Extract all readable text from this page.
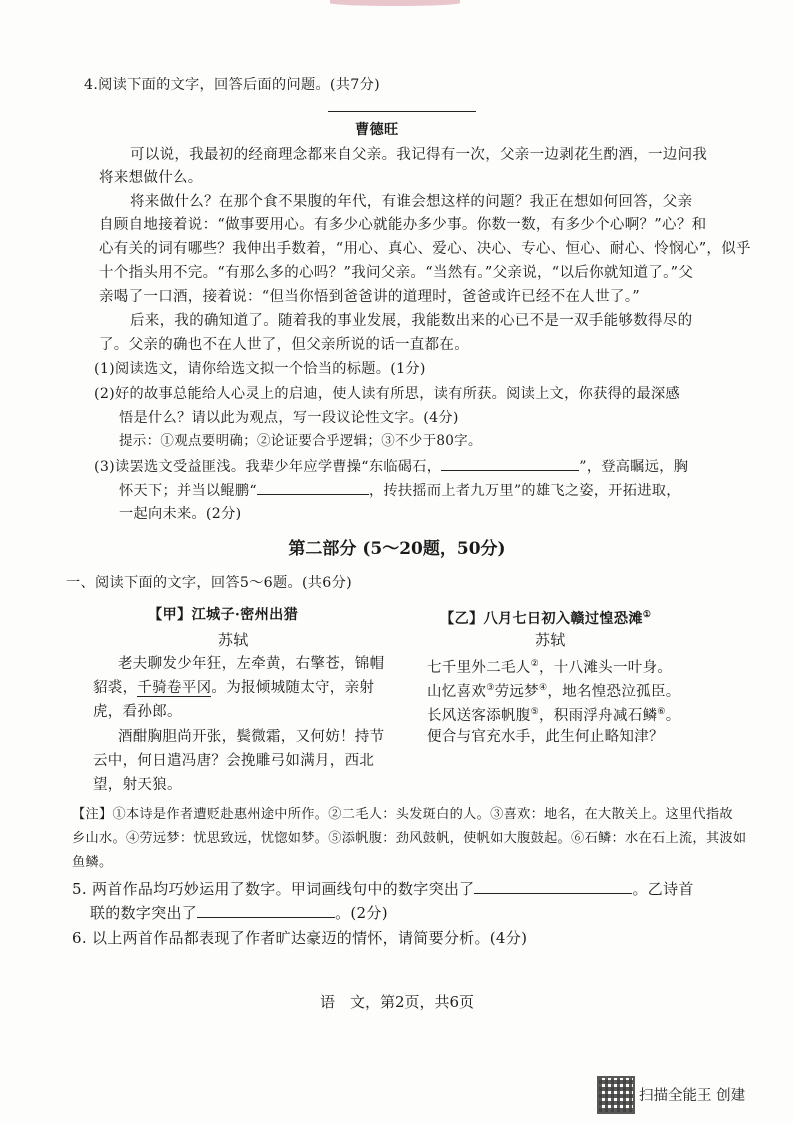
4.阅读下面的文字，回答后面的问题。(共7分)
曹德旺
可以说，我最初的经商理念都来自父亲。我记得有一次，父亲一边剥花生酌酒，一边问我
将来想做什么。
将来做什么？在那个食不果腹的年代，有谁会想这样的问题？我正在想如何回答，父亲
自顾自地接着说：“做事要用心。有多少心就能办多少事。你数一数，有多少个心啊？”心？和
心有关的词有哪些？我伸出手数着，“用心、真心、爱心、决心、专心、恒心、耐心、怜悯心”，似乎
十个指头用不完。“有那么多的心吗？”我问父亲。“当然有。”父亲说，“以后你就知道了。”父
亲喝了一口酒，接着说：“但当你悟到爸爸讲的道理时，爸爸或许已经不在人世了。”
后来，我的确知道了。随着我的事业发展，我能数出来的心已不是一双手能够数得尽的
了。父亲的确也不在人世了，但父亲所说的话一直都在。
(1)阅读选文，请你给选文拟一个恰当的标题。(1分)
(2)好的故事总能给人心灵上的启迪，使人读有所思，读有所获。阅读上文，你获得的最深感
悟是什么？请以此为观点，写一段议论性文字。(4分)
提示：①观点要明确；②论证要合乎逻辑；③不少于80字。
(3)读罢选文受益匪浅。我辈少年应学曹操“东临碣石，	”，登高瞩远，胸
怀天下；并当以鲲鹏“	，抟扶摇而上者九万里”的雄飞之姿，开拓进取，
一起向未来。(2分)
第二部分 (5～20题，50分)
一、阅读下面的文字，回答5～6题。(共6分)
【甲】江城子·密州出猎
苏轼
老夫聊发少年狂，左牵黄，右擎苍，锦帽
貂裘，千骑卷平冈。为报倾城随太守，亲射
虎，看孙郎。
酒酣胸胆尚开张，鬓微霜，又何妨！持节
云中，何日遣冯唐？会挽雕弓如满月，西北
望，射天狼。
【乙】八月七日初入赣过惶恐滩①
苏轼
七千里外二毛人②，十八滩头一叶身。
山忆喜欢③劳远梦④，地名惶恐泣孤臣。
长风送客添帆腹⑤，积雨浮舟减石鳞⑥。
便合与官充水手，此生何止略知津？
【注】①本诗是作者遭贬赴惠州途中所作。②二毛人：头发斑白的人。③喜欢：地名，在大散关上。这里代指故
乡山水。④劳远梦：忧思致远，忧惚如梦。⑤添帆腹：劲风鼓帆，使帆如大腹鼓起。⑥石鳞：水在石上流，其波如
鱼鳞。
5. 两首作品均巧妙运用了数字。甲词画线句中的数字突出了	。乙诗首
联的数字突出了	。(2分)
6. 以上两首作品都表现了作者旷达豪迈的情怀，请简要分析。(4分)
语　文，第2页，共6页
扫描全能王 创建
